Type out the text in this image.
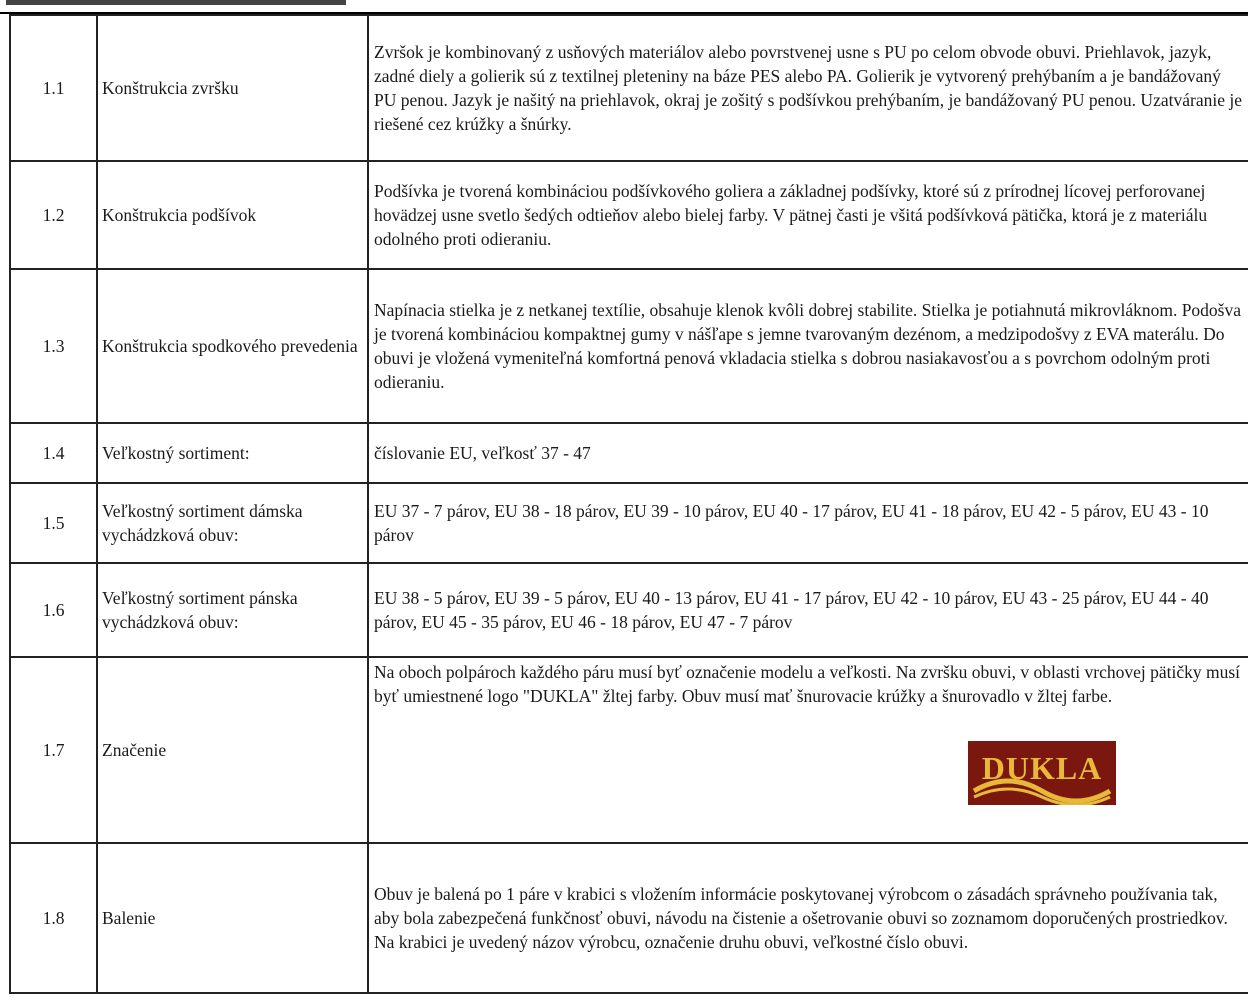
1.1	Konštrukcia zvršku	Zvršok je kombinovaný z usňových materiálov alebo povrstvenej usne s PU po celom obvode obuvi. Priehlavok, jazyk, zadné diely a golierik sú z textilnej pleteniny na báze PES alebo PA. Golierik je vytvorený prehýbaním a je bandážovaný PU penou. Jazyk je našitý na priehlavok, okraj je zošitý s podšívkou prehýbaním, je bandážovaný PU penou. Uzatváranie je riešené cez krúžky a šnúrky.
1.2	Konštrukcia podšívok	Podšívka je tvorená kombináciou podšívkového goliera a základnej podšívky, ktoré sú z prírodnej lícovej perforovanej hovädzej usne svetlo šedých odtieňov alebo bielej farby. V pätnej časti je všitá podšívková pätička, ktorá je z materiálu odolného proti odieraniu.
1.3	Konštrukcia spodkového prevedenia	Napínacia stielka je z netkanej textílie, obsahuje klenok kvôli dobrej stabilite. Stielka je potiahnutá mikrovláknom. Podošva je tvorená kombináciou kompaktnej gumy v nášľape s jemne tvarovaným dezénom, a medzipodošvy z EVA materálu. Do obuvi je vložená vymeniteľná komfortná penová vkladacia stielka s dobrou nasiakavosťou a s povrchom odolným proti odieraniu.
1.4	Veľkostný sortiment:	číslovanie EU, veľkosť 37 - 47
1.5	Veľkostný sortiment dámska vychádzková obuv:	EU 37 - 7 párov, EU 38 - 18 párov, EU 39 - 10 párov, EU 40 - 17 párov, EU 41 - 18 párov, EU 42 - 5 párov, EU 43 - 10 párov
1.6	Veľkostný sortiment pánska vychádzková obuv:	EU 38 - 5 párov, EU 39 - 5 párov, EU 40 - 13 párov, EU 41 - 17 párov, EU 42 - 10 párov, EU 43 - 25 párov, EU 44 - 40 párov, EU 45 - 35 párov, EU 46 - 18 párov, EU 47 - 7 párov
1.7	Značenie	Na oboch polpároch každého páru musí byť označenie modelu a veľkosti. Na zvršku obuvi, v oblasti vrchovej pätičky musí byť umiestnené logo "DUKLA" žltej farby. Obuv musí mať šnurovacie krúžky a šnurovadlo v žltej farbe.
DUKLA

1.8	Balenie	Obuv je balená po 1 páre v krabici s vložením informácie poskytovanej výrobcom o zásadách správneho používania tak, aby bola zabezpečená funkčnosť obuvi, návodu na čistenie a ošetrovanie obuvi so zoznamom doporučených prostriedkov. Na krabici je uvedený názov výrobcu, označenie druhu obuvi, veľkostné číslo obuvi.
